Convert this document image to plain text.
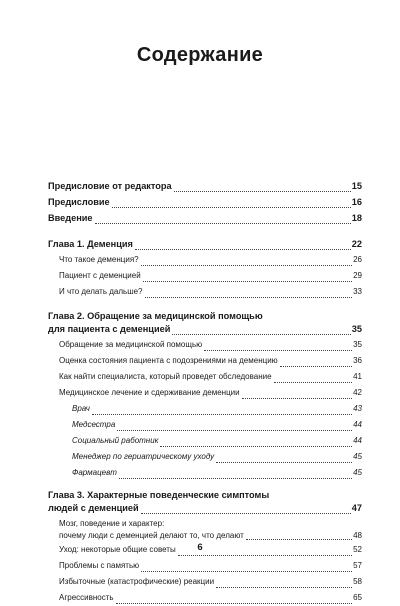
Содержание
Предисловие от редактора	15
Предисловие	16
Введение	18
Глава 1. Деменция	22
Что такое деменция?	26
Пациент с деменцией	29
И что делать дальше?	33
Глава 2. Обращение за медицинской помощью
для пациента с деменцией	35
Обращение за медицинской помощью	35
Оценка состояния пациента с подозрениями на деменцию	36
Как найти специалиста, который проведет обследование	41
Медицинское лечение и сдерживание деменции	42
Врач	43
Медсестра	44
Социальный работник	44
Менеджер по гериатрическому уходу	45
Фармацевт	45
Глава 3. Характерные поведенческие симптомы
людей с деменцией	47
Мозг, поведение и характер:
почему люди с деменцией делают то, что делают	48
Уход: некоторые общие советы	52
Проблемы с памятью	57
Избыточные (катастрофические) реакции	58
Агрессивность	65
6
